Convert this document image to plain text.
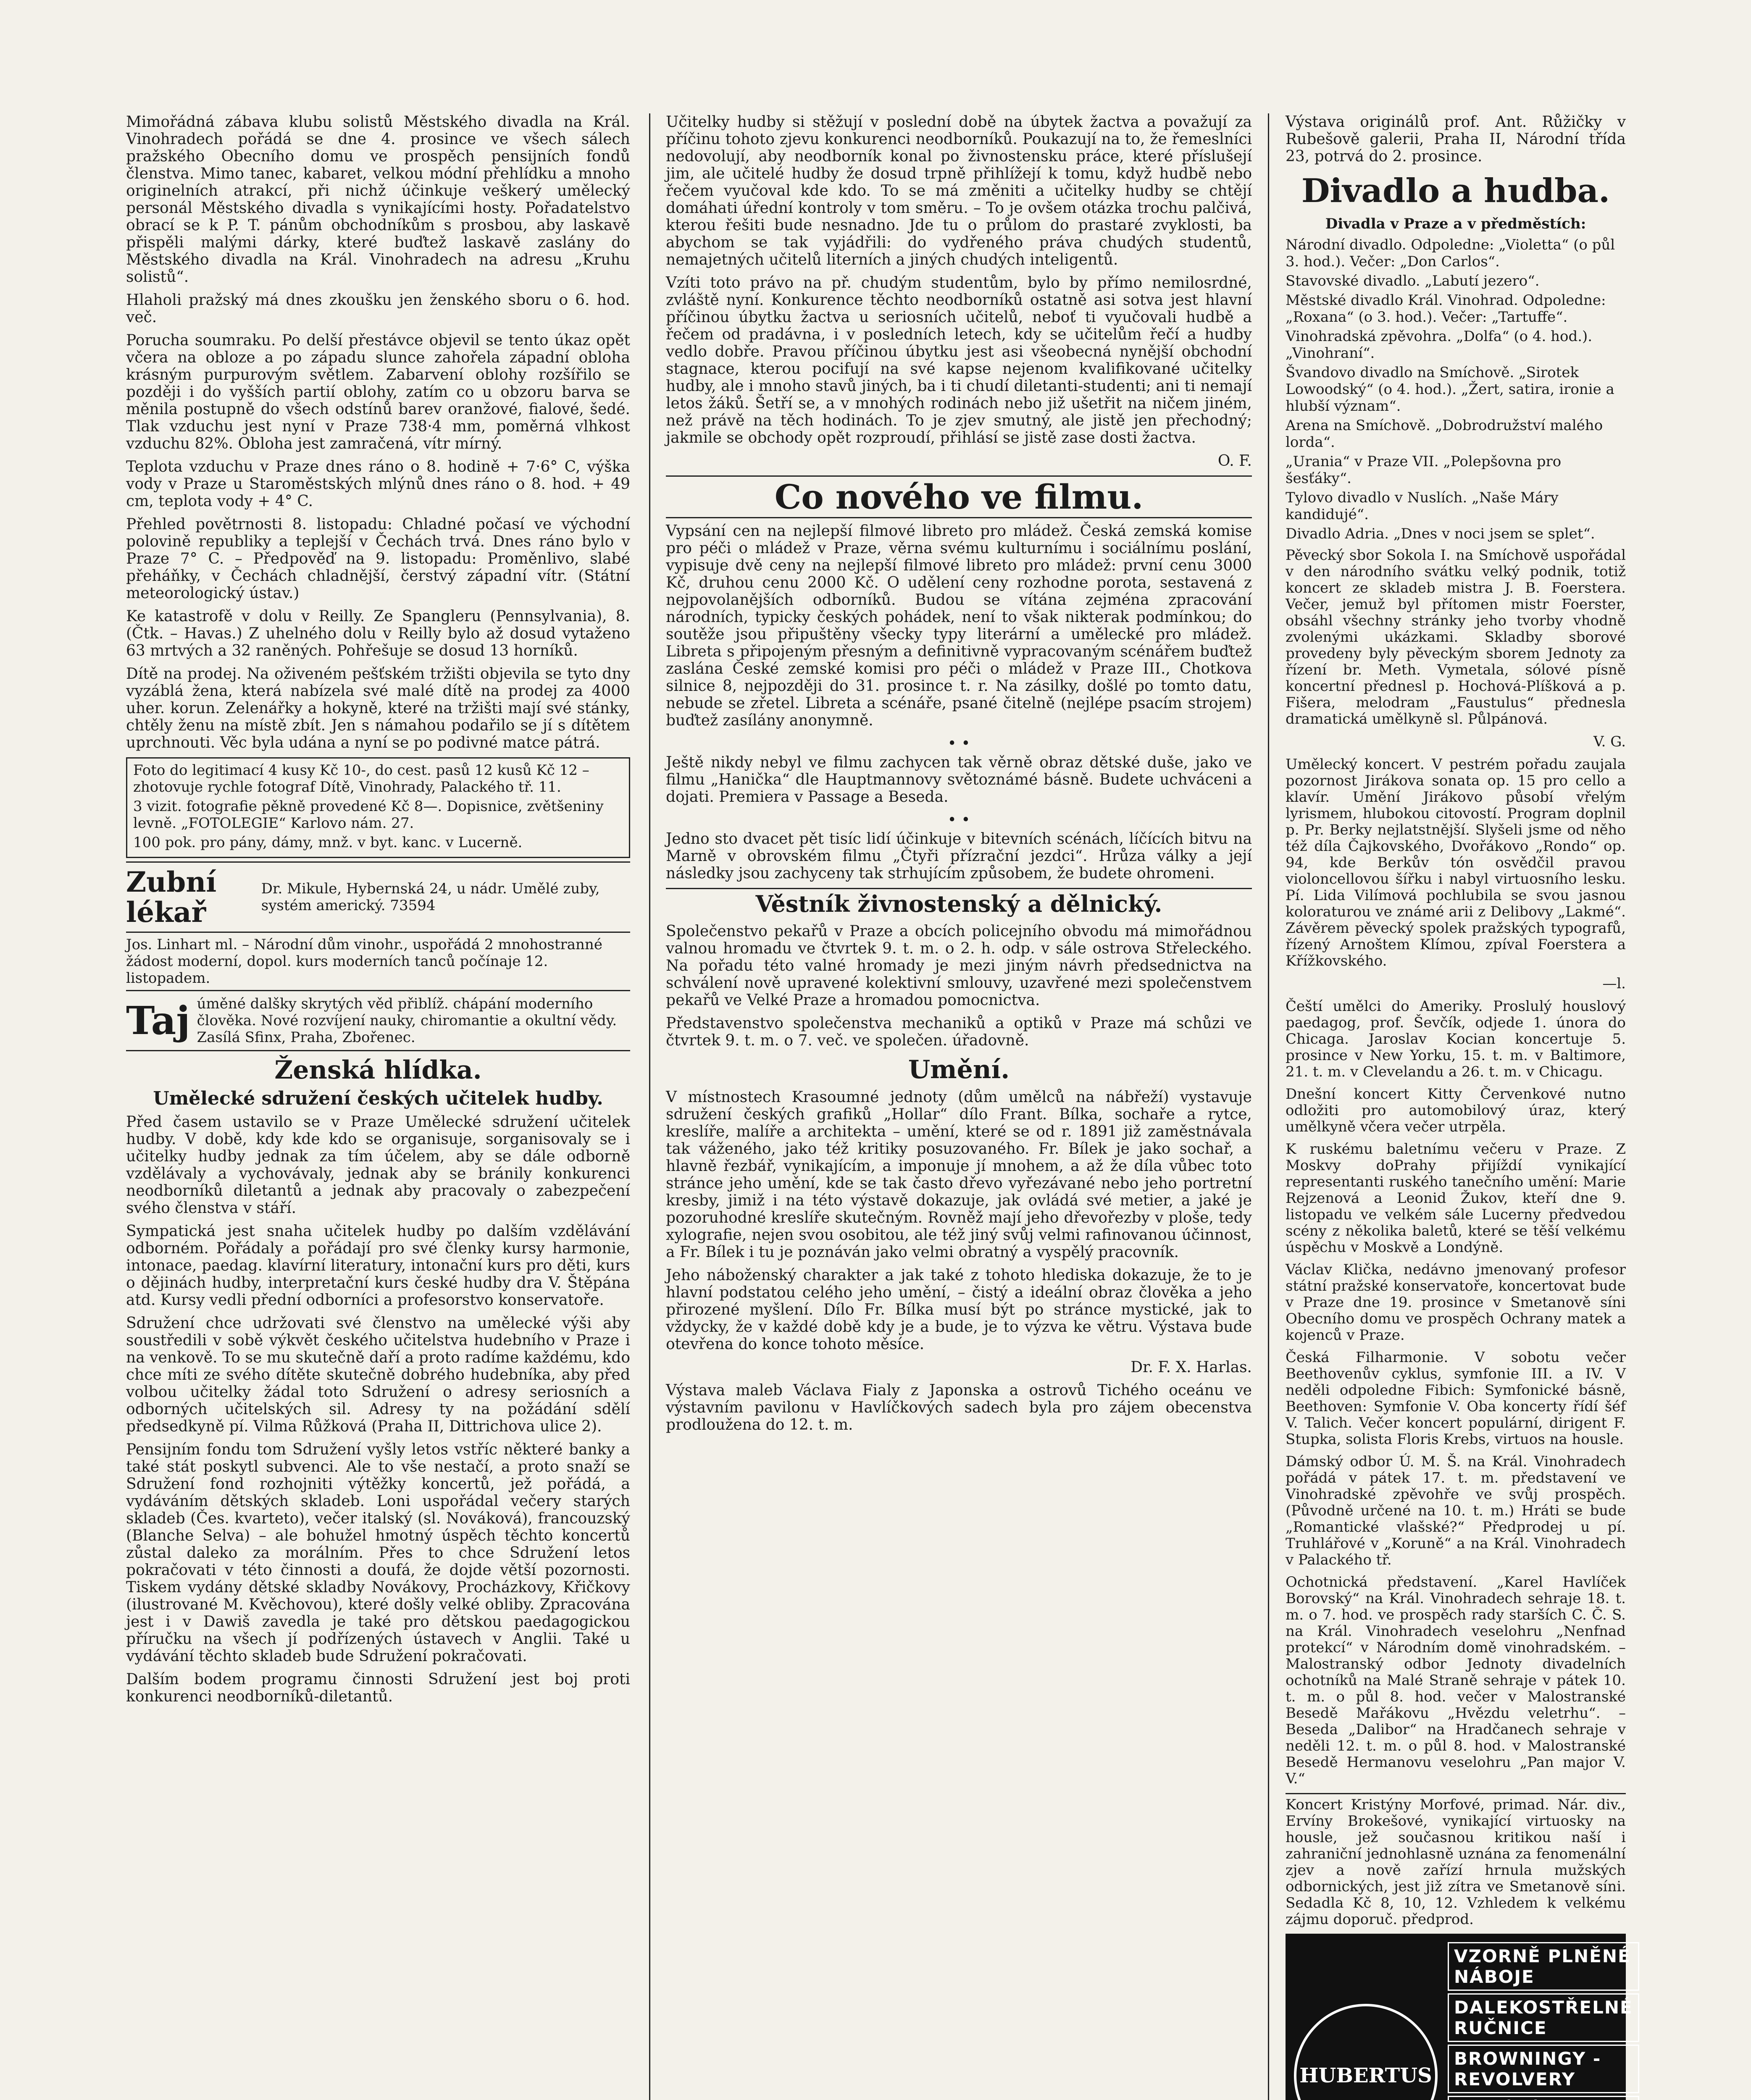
Mimořádná zábava klubu solistů Městského divadla na Král. Vinohradech pořádá se dne 4. prosince ve všech sálech pražského Obecního domu ve prospěch pensijních fondů členstva. Mimo tanec, kabaret, velkou módní přehlídku a mnoho originelních atrakcí, při nichž účinkuje veškerý umělecký personál Městského divadla s vynikajícími hosty. Pořadatelstvo obrací se k P. T. pánům obchodníkům s prosbou, aby laskavě přispěli malými dárky, které buďtež laskavě zaslány do Městského divadla na Král. Vinohradech na adresu „Kruhu solistů“.

Hlaholi pražský má dnes zkoušku jen ženského sboru o 6. hod. več.

Porucha soumraku. Po delší přestávce objevil se tento úkaz opět včera na obloze a po západu slunce zahořela západní obloha krásným purpurovým světlem. Zabarvení oblohy rozšířilo se později i do vyšších partií oblohy, zatím co u obzoru barva se měnila postupně do všech odstínů barev oranžové, fialové, šedé. Tlak vzduchu jest nyní v Praze 738·4 mm, poměrná vlhkost vzduchu 82%. Obloha jest zamračená, vítr mírný.

Teplota vzduchu v Praze dnes ráno o 8. hodině + 7·6° C, výška vody v Praze u Staroměstských mlýnů dnes ráno o 8. hod. + 49 cm, teplota vody + 4° C.

Přehled povětrnosti 8. listopadu: Chladné počasí ve východní polovině republiky a teplejší v Čechách trvá. Dnes ráno bylo v Praze 7° C. – Předpověď na 9. listopadu: Proměnlivo, slabé přeháňky, v Čechách chladnější, čerstvý západní vítr. (Státní meteorologický ústav.)

Ke katastrofě v dolu v Reilly. Ze Spangleru (Pennsylvania), 8. (Čtk. – Havas.) Z uhelného dolu v Reilly bylo až dosud vytaženo 63 mrtvých a 32 raněných. Pohřešuje se dosud 13 horníků.

Dítě na prodej. Na oživeném pešťském tržišti objevila se tyto dny vyzáblá žena, která nabízela své malé dítě na prodej za 4000 uher. korun. Zelenářky a hokyně, které na tržišti mají své stánky, chtěly ženu na místě zbít. Jen s námahou podařilo se jí s dítětem uprchnouti. Věc byla udána a nyní se po podivné matce pátrá.

Foto do legitimací 4 kusy Kč 10-, do cest. pasů 12 kusů Kč 12 – zhotovuje rychle fotograf Dítě, Vinohrady, Palackého tř. 11.
3 vizit. fotografie pěkně provedené Kč 8—. Dopisnice, zvětšeniny levně. „FOTOLEGIE“ Karlovo nám. 27.
100 pok. pro pány, dámy, mnž. v byt. kanc. v Lucerně.
Zubní lékař
Dr. Mikule, Hybernská 24, u nádr. Umělé zuby, systém americký. 73594
Jos. Linhart ml. – Národní dům vinohr., uspořádá 2 mnohostranné žádost moderní, dopol. kurs moderních tanců počínaje 12. listopadem.
Taj úměné dalšky skrytých věd přiblíž. chápání moderního člověka. Nové rozvíjení nauky, chiromantie a okultní vědy. Zasílá Sfinx, Praha, Zbořenec.
Ženská hlídka.
Umělecké sdružení českých učitelek hudby.

Před časem ustavilo se v Praze Umělecké sdružení učitelek hudby. V době, kdy kde kdo se organisuje, sorganisovaly se i učitelky hudby jednak za tím účelem, aby se dále odborně vzdělávaly a vychovávaly, jednak aby se bránily konkurenci neodborníků diletantů a jednak aby pracovaly o zabezpečení svého členstva v stáří.

Sympatická jest snaha učitelek hudby po dalším vzdělávání odborném. Pořádaly a pořádají pro své členky kursy harmonie, intonace, paedag. klavírní literatury, intonační kurs pro děti, kurs o dějinách hudby, interpretační kurs české hudby dra V. Štěpána atd. Kursy vedli přední odborníci a profesorstvo konservatoře.

Sdružení chce udržovati své členstvo na umělecké výši aby soustředili v sobě výkvět českého učitelstva hudebního v Praze i na venkově. To se mu skutečně daří a proto radíme každému, kdo chce míti ze svého dítěte skutečně dobrého hudebníka, aby před volbou učitelky žádal toto Sdružení o adresy seriosních a odborných učitelských sil. Adresy ty na požádání sdělí předsedkyně pí. Vilma Růžková (Praha II, Dittrichova ulice 2).

Pensijním fondu tom Sdružení vyšly letos vstříc některé banky a také stát poskytl subvenci. Ale to vše nestačí, a proto snaží se Sdružení fond rozhojniti výtěžky koncertů, jež pořádá, a vydáváním dětských skladeb. Loni uspořádal večery starých skladeb (Čes. kvarteto), večer italský (sl. Nováková), francouzský (Blanche Selva) – ale bohužel hmotný úspěch těchto koncertů zůstal daleko za morálním. Přes to chce Sdružení letos pokračovati v této činnosti a doufá, že dojde větší pozornosti. Tiskem vydány dětské skladby Novákovy, Procházkovy, Křičkovy (ilustrované M. Kvěchovou), které došly velké obliby. Zpracována jest i v Dawiš zavedla je také pro dětskou paedagogickou příručku na všech jí podřízených ústavech v Anglii. Také u vydávání těchto skladeb bude Sdružení pokračovati.

Dalším bodem programu činnosti Sdružení jest boj proti konkurenci neodborníků-diletantů.

Učitelky hudby si stěžují v poslední době na úbytek žactva a považují za příčinu tohoto zjevu konkurenci neodborníků. Poukazují na to, že řemeslníci nedovolují, aby neodborník konal po živnostensku práce, které příslušejí jim, ale učitelé hudby že dosud trpně přihlížejí k tomu, když hudbě nebo řečem vyučoval kde kdo. To se má změniti a učitelky hudby se chtějí domáhati úřední kontroly v tom směru. – To je ovšem otázka trochu palčivá, kterou řešiti bude nesnadno. Jde tu o průlom do prastaré zvyklosti, ba abychom se tak vyjádřili: do vydřeného práva chudých studentů, nemajetných učitelů literních a jiných chudých inteligentů.

Vzíti toto právo na př. chudým studentům, bylo by přímo nemilosrdné, zvláště nyní. Konkurence těchto neodborníků ostatně asi sotva jest hlavní příčinou úbytku žactva u seriosních učitelů, neboť ti vyučovali hudbě a řečem od pradávna, i v posledních letech, kdy se učitelům řečí a hudby vedlo dobře. Pravou příčinou úbytku jest asi všeobecná nynější obchodní stagnace, kterou pocifují na své kapse nejenom kvalifikované učitelky hudby, ale i mnoho stavů jiných, ba i ti chudí diletanti-studenti; ani ti nemají letos žáků. Šetří se, a v mnohých rodinách nebo již ušetřit na ničem jiném, než právě na těch hodinách. To je zjev smutný, ale jistě jen přechodný; jakmile se obchody opět rozproudí, přihlásí se jistě zase dosti žactva.

O. F.

Co nového ve filmu.

Vypsání cen na nejlepší filmové libreto pro mládež. Česká zemská komise pro péči o mládež v Praze, věrna svému kulturnímu i sociálnímu poslání, vypisuje dvě ceny na nejlepší filmové libreto pro mládež: první cenu 3000 Kč, druhou cenu 2000 Kč. O udělení ceny rozhodne porota, sestavená z nejpovolanějších odborníků. Budou se vítána zejména zpracování národních, typicky českých pohádek, není to však nikterak podmínkou; do soutěže jsou připuštěny všecky typy literární a umělecké pro mládež. Libreta s připojeným přesným a definitivně vypracovaným scénářem buďtež zaslána České zemské komisi pro péči o mládež v Praze III., Chotkova silnice 8, nejpozději do 31. prosince t. r. Na zásilky, došlé po tomto datu, nebude se zřetel. Libreta a scénáře, psané čitelně (nejlépe psacím strojem) buďtež zasílány anonymně.

• •

Ještě nikdy nebyl ve filmu zachycen tak věrně obraz dětské duše, jako ve filmu „Hanička“ dle Hauptmannovy světoznámé básně. Budete uchváceni a dojati. Premiera v Passage a Beseda.

• •

Jedno sto dvacet pět tisíc lidí účinkuje v bitevních scénách, líčících bitvu na Marně v obrovském filmu „Čtyři přízrační jezdci“. Hrůza války a její následky jsou zachyceny tak strhujícím způsobem, že budete ohromeni.

Věstník živnostenský a dělnický.

Společenstvo pekařů v Praze a obcích policejního obvodu má mimořádnou valnou hromadu ve čtvrtek 9. t. m. o 2. h. odp. v sále ostrova Střeleckého. Na pořadu této valné hromady je mezi jiným návrh předsednictva na schválení nově upravené kolektivní smlouvy, uzavřené mezi společenstvem pekařů ve Velké Praze a hromadou pomocnictva.

Představenstvo společenstva mechaniků a optiků v Praze má schůzi ve čtvrtek 9. t. m. o 7. več. ve společen. úřadovně.

Umění.

V místnostech Krasoumné jednoty (dům umělců na nábřeží) vystavuje sdružení českých grafiků „Hollar“ dílo Frant. Bílka, sochaře a rytce, kreslíře, malíře a architekta – umění, které se od r. 1891 již zaměstnávala tak váženého, jako též kritiky posuzovaného. Fr. Bílek je jako sochař, a hlavně řezbář, vynikajícím, a imponuje jí mnohem, a až že díla vůbec toto stránce jeho umění, kde se tak často dřevo vyřezávané nebo jeho portretní kresby, jimiž i na této výstavě dokazuje, jak ovládá své metier, a jaké je pozoruhodné kreslíře skutečným. Rovněž mají jeho dřevořezby v ploše, tedy xylografie, nejen svou osobitou, ale též jiný svůj velmi rafinovanou účinnost, a Fr. Bílek i tu je poznáván jako velmi obratný a vyspělý pracovník.

Jeho náboženský charakter a jak také z tohoto hlediska dokazuje, že to je hlavní podstatou celého jeho umění, – čistý a ideální obraz člověka a jeho přirozené myšlení. Dílo Fr. Bílka musí být po stránce mystické, jak to vždycky, že v každé době kdy je a bude, je to výzva ke větru. Výstava bude otevřena do konce tohoto měsíce.

Dr. F. X. Harlas.

Výstava maleb Václava Fialy z Japonska a ostrovů Tichého oceánu ve výstavním pavilonu v Havlíčkových sadech byla pro zájem obecenstva prodloužena do 12. t. m.

Výstava originálů prof. Ant. Růžičky v Rubešově galerii, Praha II, Národní třída 23, potrvá do 2. prosince.

Divadlo a hudba.
Divadla v Praze a v předměstích:
Národní divadlo. Odpoledne: „Violetta“ (o půl 3. hod.). Večer: „Don Carlos“.
Stavovské divadlo. „Labutí jezero“.
Městské divadlo Král. Vinohrad. Odpoledne: „Roxana“ (o 3. hod.). Večer: „Tartuffe“.
Vinohradská zpěvohra. „Dolfa“ (o 4. hod.). „Vinohraní“.
Švandovo divadlo na Smíchově. „Sirotek Lowoodský“ (o 4. hod.). „Žert, satira, ironie a hlubší význam“.
Arena na Smíchově. „Dobrodružství malého lorda“.
„Urania“ v Praze VII. „Polepšovna pro šesťáky“.
Tylovo divadlo v Nuslích. „Naše Máry kandidujé“.
Divadlo Adria. „Dnes v noci jsem se splet“.

Pěvecký sbor Sokola I. na Smíchově uspořádal v den národního svátku velký podnik, totiž koncert ze skladeb mistra J. B. Foerstera. Večer, jemuž byl přítomen mistr Foerster, obsáhl všechny stránky jeho tvorby vhodně zvolenými ukázkami. Skladby sborové provedeny byly pěveckým sborem Jednoty za řízení br. Meth. Vymetala, sólové písně koncertní přednesl p. Hochová-Plíšková a p. Fišera, melodram „Faustulus“ přednesla dramatická umělkyně sl. Půlpánová.

V. G.

Umělecký koncert. V pestrém pořadu zaujala pozornost Jirákova sonata op. 15 pro cello a klavír. Umění Jirákovo působí vřelým lyrismem, hlubokou citovostí. Program doplnil p. Pr. Berky nejlatstnější. Slyšeli jsme od něho též díla Čajkovského, Dvořákovo „Rondo“ op. 94, kde Berkův tón osvědčil pravou violoncellovou šířku i nabyl virtuosního lesku. Pí. Lida Vilímová pochlubila se svou jasnou koloraturou ve známé arii z Delibovy „Lakmé“. Závěrem pěvecký spolek pražských typografů, řízený Arnoštem Klímou, zpíval Foerstera a Křížkovského.

—l.

Čeští umělci do Ameriky. Proslulý houslový paedagog, prof. Ševčík, odjede 1. února do Chicaga. Jaroslav Kocian koncertuje 5. prosince v New Yorku, 15. t. m. v Baltimore, 21. t. m. v Clevelandu a 26. t. m. v Chicagu.

Dnešní koncert Kitty Červenkové nutno odložiti pro automobilový úraz, který umělkyně včera večer utrpěla.

K ruskému baletnímu večeru v Praze. Z Moskvy doPrahy přijíždí vynikající representanti ruského tanečního umění: Marie Rejzenová a Leonid Žukov, kteří dne 9. listopadu ve velkém sále Lucerny předvedou scény z několika baletů, které se těší velkému úspěchu v Moskvě a Londýně.

Václav Klička, nedávno jmenovaný profesor státní pražské konservatoře, koncertovat bude v Praze dne 19. prosince v Smetanově síni Obecního domu ve prospěch Ochrany matek a kojenců v Praze.

Česká Filharmonie. V sobotu večer Beethovenův cyklus, symfonie III. a IV. V neděli odpoledne Fibich: Symfonické básně, Beethoven: Symfonie V. Oba koncerty řídí šéf V. Talich. Večer koncert populární, dirigent F. Stupka, solista Floris Krebs, virtuos na housle.

Dámský odbor Ú. M. Š. na Král. Vinohradech pořádá v pátek 17. t. m. představení ve Vinohradské zpěvohře ve svůj prospěch. (Původně určené na 10. t. m.) Hráti se bude „Romantické vlašské?“ Předprodej u pí. Truhlářové v „Koruně“ a na Král. Vinohradech v Palackého tř.

Ochotnická představení. „Karel Havlíček Borovský“ na Král. Vinohradech sehraje 18. t. m. o 7. hod. ve prospěch rady starších C. Č. S. na Král. Vinohradech veselohru „Nenfnad protekcí“ v Národním domě vinohradském. – Malostranský odbor Jednoty divadelních ochotníků na Malé Straně sehraje v pátek 10. t. m. o půl 8. hod. večer v Malostranské Besedě Mařákovu „Hvězdu veletrhu“. – Beseda „Dalibor“ na Hradčanech sehraje v neděli 12. t. m. o půl 8. hod. v Malostranské Besedě Hermanovu veselohru „Pan major V. V.“

Koncert Kristýny Morfové, primad. Nár. div., Ervíny Brokešové, vynikající virtuosky na housle, jež současnou kritikou naší i zahraniční jednohlasně uznána za fenomenální zjev a nově zařízí hrnula mužských odbornických, jest již zítra ve Smetanově síni. Sedadla Kč 8, 10, 12. Vzhledem k velkému zájmu doporuč. předprod.

HUBERTUS
VZORNĚ PLNĚNÉ NÁBOJE
DALEKOSTŘELNÉ RUČNICE
BROWNINGY - REVOLVERY
